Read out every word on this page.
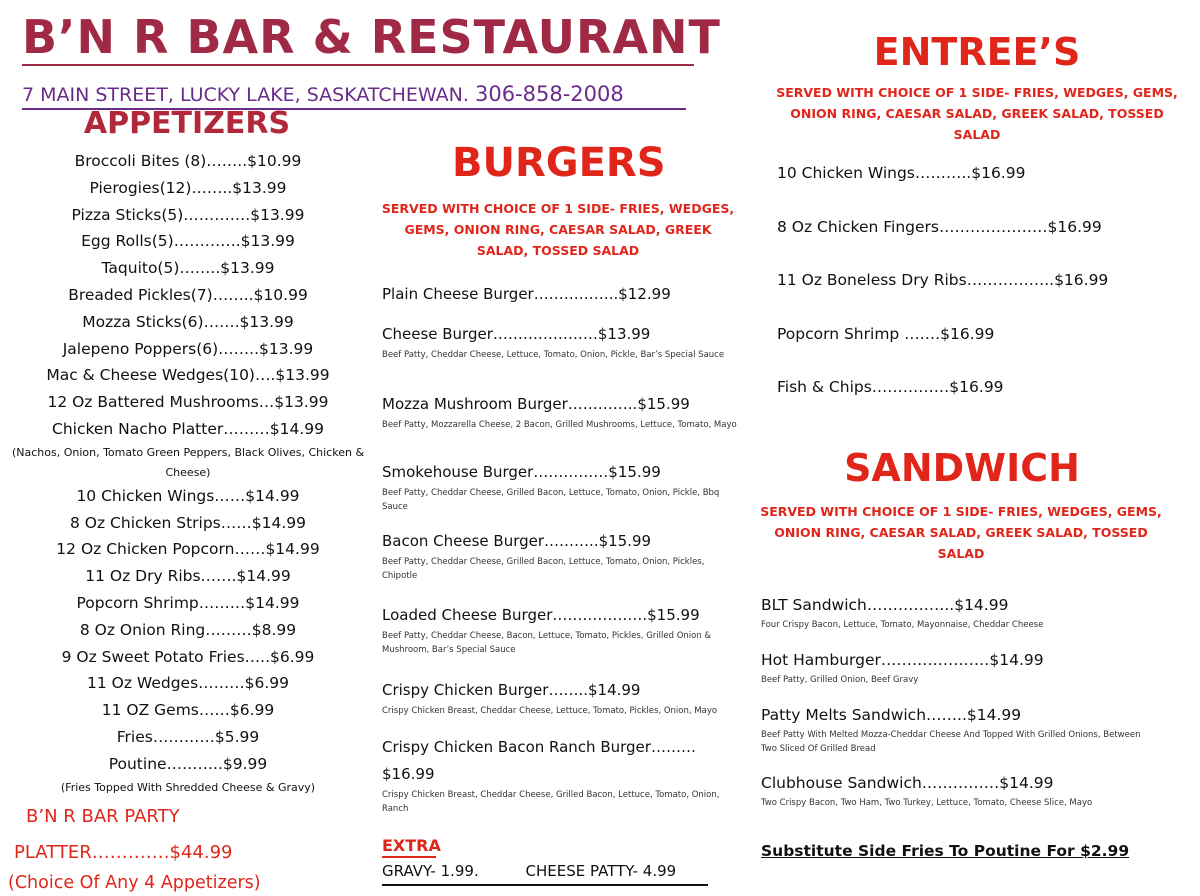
B’N R BAR & RESTAURANT
7 MAIN STREET, LUCKY LAKE, SASKATCHEWAN. 306-858-2008
APPETIZERS
Broccoli Bites (8)……..$10.99
Pierogies(12)……..$13.99
Pizza Sticks(5)………….$13.99
Egg Rolls(5)………….$13.99
Taquito(5)……..$13.99
Breaded Pickles(7)……..$10.99
Mozza Sticks(6)…….$13.99
Jalepeno Poppers(6)……..$13.99
Mac & Cheese Wedges(10)….$13.99
12 Oz Battered Mushrooms…$13.99
Chicken Nacho Platter………$14.99
(Nachos, Onion, Tomato Green Peppers, Black Olives, Chicken & Cheese)
10 Chicken Wings……$14.99
8 Oz Chicken Strips……$14.99
12 Oz Chicken Popcorn……$14.99
11 Oz Dry Ribs…….$14.99
Popcorn Shrimp………$14.99
8 Oz Onion Ring………$8.99
9 Oz Sweet Potato Fries…..$6.99
11 Oz Wedges………$6.99
11 OZ Gems……$6.99
Fries…………$5.99
Poutine………..$9.99
(Fries Topped With Shredded Cheese & Gravy)
B’N R BAR PARTY
PLATTER………….$44.99
(Choice Of Any 4 Appetizers)
BURGERS
SERVED WITH CHOICE OF 1 SIDE- FRIES, WEDGES, GEMS, ONION RING, CAESAR SALAD, GREEK SALAD, TOSSED SALAD
Plain Cheese Burger……………..$12.99
Cheese Burger…………………$13.99
Beef Patty, Cheddar Cheese, Lettuce, Tomato, Onion, Pickle, Bar’s Special Sauce
Mozza Mushroom Burger…………..$15.99
Beef Patty, Mozzarella Cheese, 2 Bacon, Grilled Mushrooms, Lettuce, Tomato, Mayo
Smokehouse Burger……………$15.99
Beef Patty, Cheddar Cheese, Grilled Bacon, Lettuce, Tomato, Onion, Pickle, Bbq Sauce
Bacon Cheese Burger………..$15.99
Beef Patty, Cheddar Cheese, Grilled Bacon, Lettuce, Tomato, Onion, Pickles, Chipotle
Loaded Cheese Burger……………….$15.99
Beef Patty, Cheddar Cheese, Bacon, Lettuce, Tomato, Pickles, Grilled Onion & Mushroom, Bar’s Special Sauce
Crispy Chicken Burger……..$14.99
Crispy Chicken Breast, Cheddar Cheese, Lettuce, Tomato, Pickles, Onion, Mayo
Crispy Chicken Bacon Ranch Burger……… $16.99
Crispy Chicken Breast, Cheddar Cheese, Grilled Bacon, Lettuce, Tomato, Onion, Ranch
EXTRA
GRAVY- 1.99.	CHEESE PATTY- 4.99
ENTREE’S
SERVED WITH CHOICE OF 1 SIDE- FRIES, WEDGES, GEMS, ONION RING, CAESAR SALAD, GREEK SALAD, TOSSED SALAD
10 Chicken Wings………..$16.99
8 Oz Chicken Fingers…………………$16.99
11 Oz Boneless Dry Ribs……………..$16.99
Popcorn Shrimp …….$16.99
Fish & Chips……………$16.99
SANDWICH
SERVED WITH CHOICE OF 1 SIDE- FRIES, WEDGES, GEMS, ONION RING, CAESAR SALAD, GREEK SALAD, TOSSED SALAD
BLT Sandwich……………..$14.99
Four Crispy Bacon, Lettuce, Tomato, Mayonnaise, Cheddar Cheese
Hot Hamburger…………………$14.99
Beef Patty, Grilled Onion, Beef Gravy
Patty Melts Sandwich……..$14.99
Beef Patty With Melted Mozza-Cheddar Cheese And Topped With Grilled Onions, Between Two Sliced Of Grilled Bread
Clubhouse Sandwich……………$14.99
Two Crispy Bacon, Two Ham, Two Turkey, Lettuce, Tomato, Cheese Slice, Mayo
Substitute Side Fries To Poutine For $2.99
